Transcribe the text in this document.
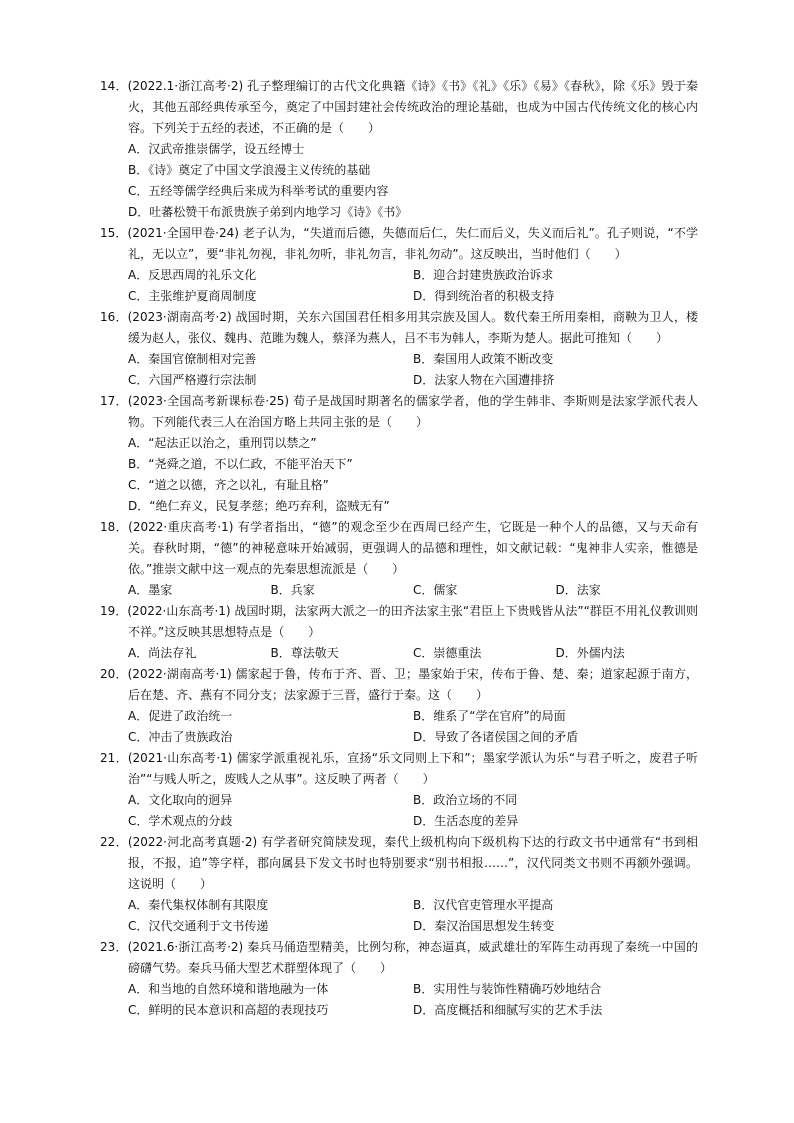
14．(2022.1·浙江高考·2) 孔子整理编订的古代文化典籍《诗》《书》《礼》《乐》《易》《春秋》，除《乐》毁于秦火，其他五部经典传承至今，奠定了中国封建社会传统政治的理论基础，也成为中国古代传统文化的核心内容。下列关于五经的表述，不正确的是（　　）

A．汉武帝推崇儒学，设五经博士
B．《诗》奠定了中国文学浪漫主义传统的基础
C．五经等儒学经典后来成为科举考试的重要内容
D．吐蕃松赞干布派贵族子弟到内地学习《诗》《书》

15．(2021·全国甲卷·24) 老子认为，“失道而后德，失德而后仁，失仁而后义，失义而后礼”。孔子则说，“不学礼，无以立”，要“非礼勿视，非礼勿听，非礼勿言，非礼勿动”。这反映出，当时他们（　　）

A．反思西周的礼乐文化	B．迎合封建贵族政治诉求
C．主张维护夏商周制度	D．得到统治者的积极支持

16．(2023·湖南高考·2) 战国时期，关东六国国君任相多用其宗族及国人。数代秦王所用秦相，商鞅为卫人，楼缓为赵人，张仪、魏冉、范雎为魏人，蔡泽为燕人，吕不韦为韩人，李斯为楚人。据此可推知（　　）

A．秦国官僚制相对完善	B．秦国用人政策不断改变
C．六国严格遵行宗法制	D．法家人物在六国遭排挤

17．(2023·全国高考新课标卷·25) 荀子是战国时期著名的儒家学者，他的学生韩非、李斯则是法家学派代表人物。下列能代表三人在治国方略上共同主张的是（　　）

A．“起法正以治之，重刑罚以禁之”
B．“尧舜之道，不以仁政，不能平治天下”
C．“道之以德，齐之以礼，有耻且格”
D．“绝仁弃义，民复孝慈；绝巧弃利，盗贼无有”

18．(2022·重庆高考·1) 有学者指出，“德”的观念至少在西周已经产生，它既是一种个人的品德，又与天命有关。春秋时期，“德”的神秘意味开始减弱，更强调人的品德和理性，如文献记载：“鬼神非人实亲，惟德是依。”推崇文献中这一观点的先秦思想流派是（　　）

A．墨家	B．兵家	C．儒家	D．法家

19．(2022·山东高考·1) 战国时期，法家两大派之一的田齐法家主张“君臣上下贵贱皆从法”“群臣不用礼仪教训则不祥。”这反映其思想特点是（　　）

A．尚法存礼	B．尊法敬天	C．崇德重法	D．外儒内法

20．(2022·湖南高考·1) 儒家起于鲁，传布于齐、晋、卫；墨家始于宋，传布于鲁、楚、秦；道家起源于南方，后在楚、齐、燕有不同分支；法家源于三晋，盛行于秦。这（　　）

A．促进了政治统一	B．维系了“学在官府”的局面
C．冲击了贵族政治	D．导致了各诸侯国之间的矛盾

21．(2021·山东高考·1) 儒家学派重视礼乐，宣扬“乐文同则上下和”；墨家学派认为乐“与君子听之，废君子听治”“与贱人听之，废贱人之从事”。这反映了两者（　　）

A．文化取向的迥异	B．政治立场的不同
C．学术观点的分歧	D．生活态度的差异

22．(2022·河北高考真题·2) 有学者研究简牍发现，秦代上级机构向下级机构下达的行政文书中通常有“书到相报，不报，追”等字样，郡向属县下发文书时也特别要求“别书相报……”，汉代同类文书则不再额外强调。这说明（　　）

A．秦代集权体制有其限度	B．汉代官吏管理水平提高
C．汉代交通利于文书传递	D．秦汉治国思想发生转变

23．(2021.6·浙江高考·2) 秦兵马俑造型精美，比例匀称，神态逼真，威武雄壮的军阵生动再现了秦统一中国的磅礴气势。秦兵马俑大型艺术群塑体现了（　　）

A．和当地的自然环境和谐地融为一体	B．实用性与装饰性精确巧妙地结合
C．鲜明的民本意识和高超的表现技巧	D．高度概括和细腻写实的艺术手法
